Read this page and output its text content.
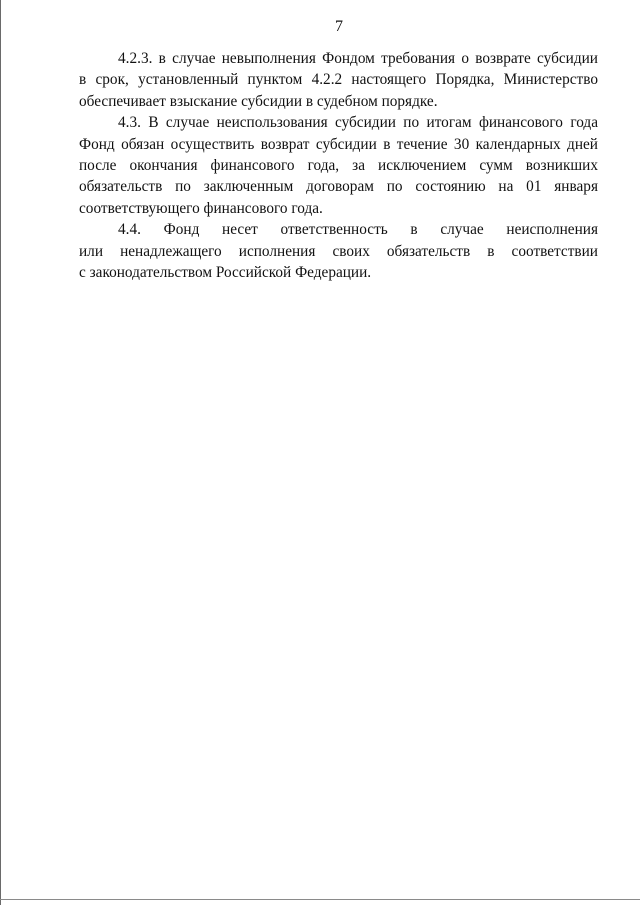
7
4.2.3. в случае невыполнения Фондом требования о возврате субсидии
в срок, установленный пунктом 4.2.2 настоящего Порядка, Министерство
обеспечивает взыскание субсидии в судебном порядке.
4.3. В случае неиспользования субсидии по итогам финансового года
Фонд обязан осуществить возврат субсидии в течение 30 календарных дней
после окончания финансового года, за исключением сумм возникших
обязательств по заключенным договорам по состоянию на 01 января
соответствующего финансового года.
4.4. Фонд несет ответственность в случае неисполнения
или ненадлежащего исполнения своих обязательств в соответствии
с законодательством Российской Федерации.
